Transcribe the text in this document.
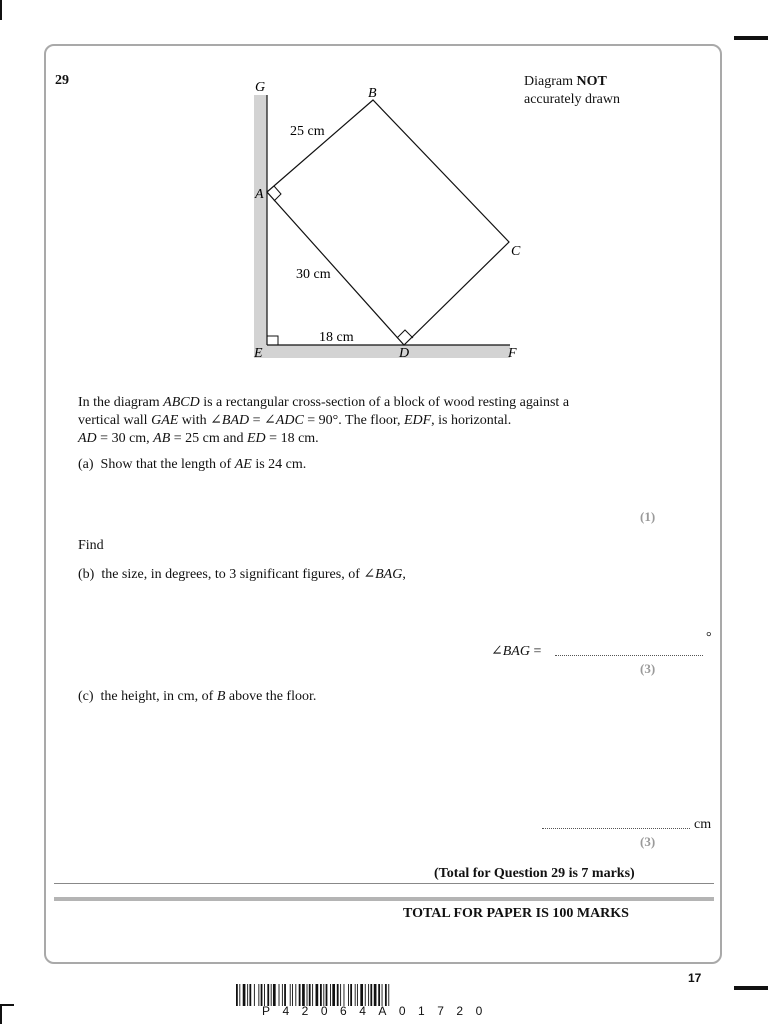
29	Diagram NOT
accurately drawn
G	B
A
C
E	D	F
25 cm
30 cm
18 cm
In the diagram ABCD is a rectangular cross-section of a block of wood resting against a
vertical wall GAE with ∠BAD = ∠ADC = 90°. The floor, EDF, is horizontal.
AD = 30 cm, AB = 25 cm and ED = 18 cm.
(a) Show that the length of AE is 24 cm.
(1)
Find
(b) the size, in degrees, to 3 significant figures, of ∠BAG,
∠BAG =
°
(3)
(c) the height, in cm, of B above the floor.
cm
(3)
(Total for Question 29 is 7 marks)
TOTAL FOR PAPER IS 100 MARKS
17
P42064A01720
